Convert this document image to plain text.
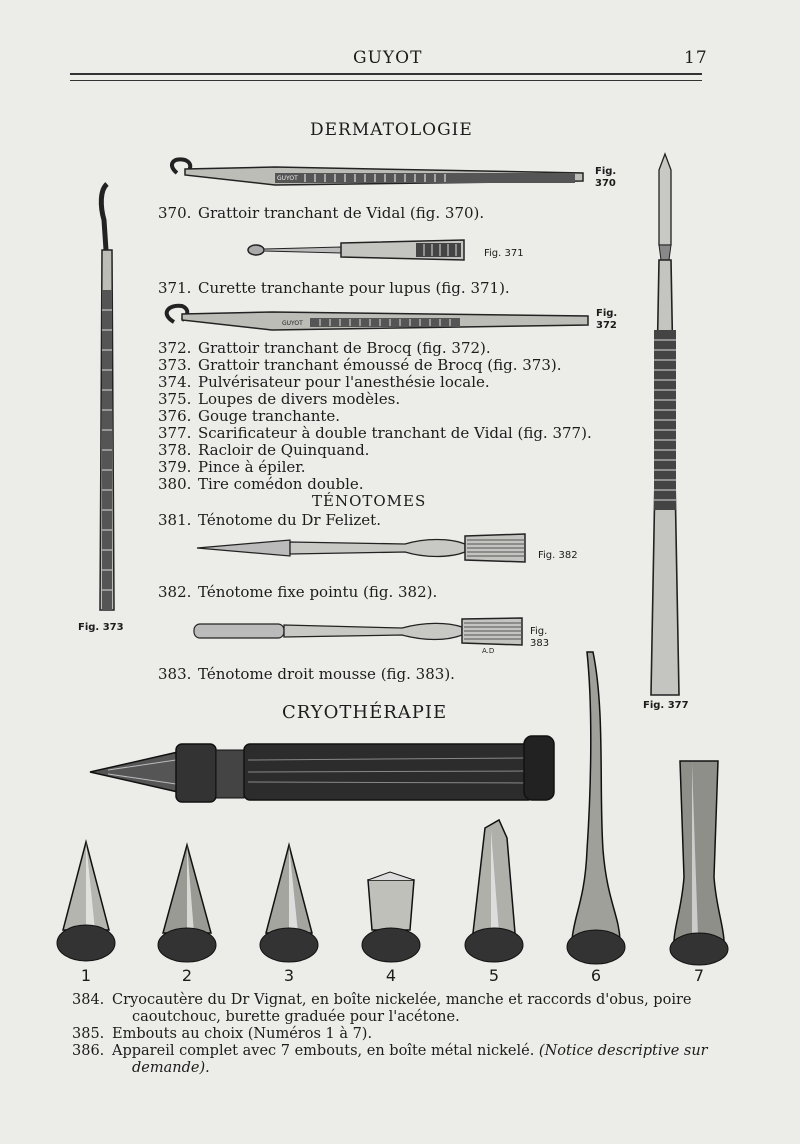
GUYOT	17
DERMATOLOGIE
GUYOT
Fig.
370
370. Grattoir tranchant de Vidal (fig. 370).
Fig. 371
371. Curette tranchante pour lupus (fig. 371).
GUYOT
Fig.
372
372. Grattoir tranchant de Brocq (fig. 372).
373. Grattoir tranchant émoussé de Brocq (fig. 373).
374. Pulvérisateur pour l'anesthésie locale.
375. Loupes de divers modèles.
376. Gouge tranchante.
377. Scarificateur à double tranchant de Vidal (fig. 377).
378. Racloir de Quinquand.
379. Pince à épiler.
380. Tire comédon double.
TÉNOTOMES
381. Ténotome du Dr Felizet.
Fig. 382
382. Ténotome fixe pointu (fig. 382).
A.D
Fig.
383
383. Ténotome droit mousse (fig. 383).
Fig. 373
Fig. 377
CRYOTHÉRAPIE
1	2	3	4	5	6	7
384. Cryocautère du Dr Vignat, en boîte nickelée, manche et raccords d'obus, poire
caoutchouc, burette graduée pour l'acétone.
385. Embouts au choix (Numéros 1 à 7).
386. Appareil complet avec 7 embouts, en boîte métal nickelé. (Notice descriptive sur
demande).
